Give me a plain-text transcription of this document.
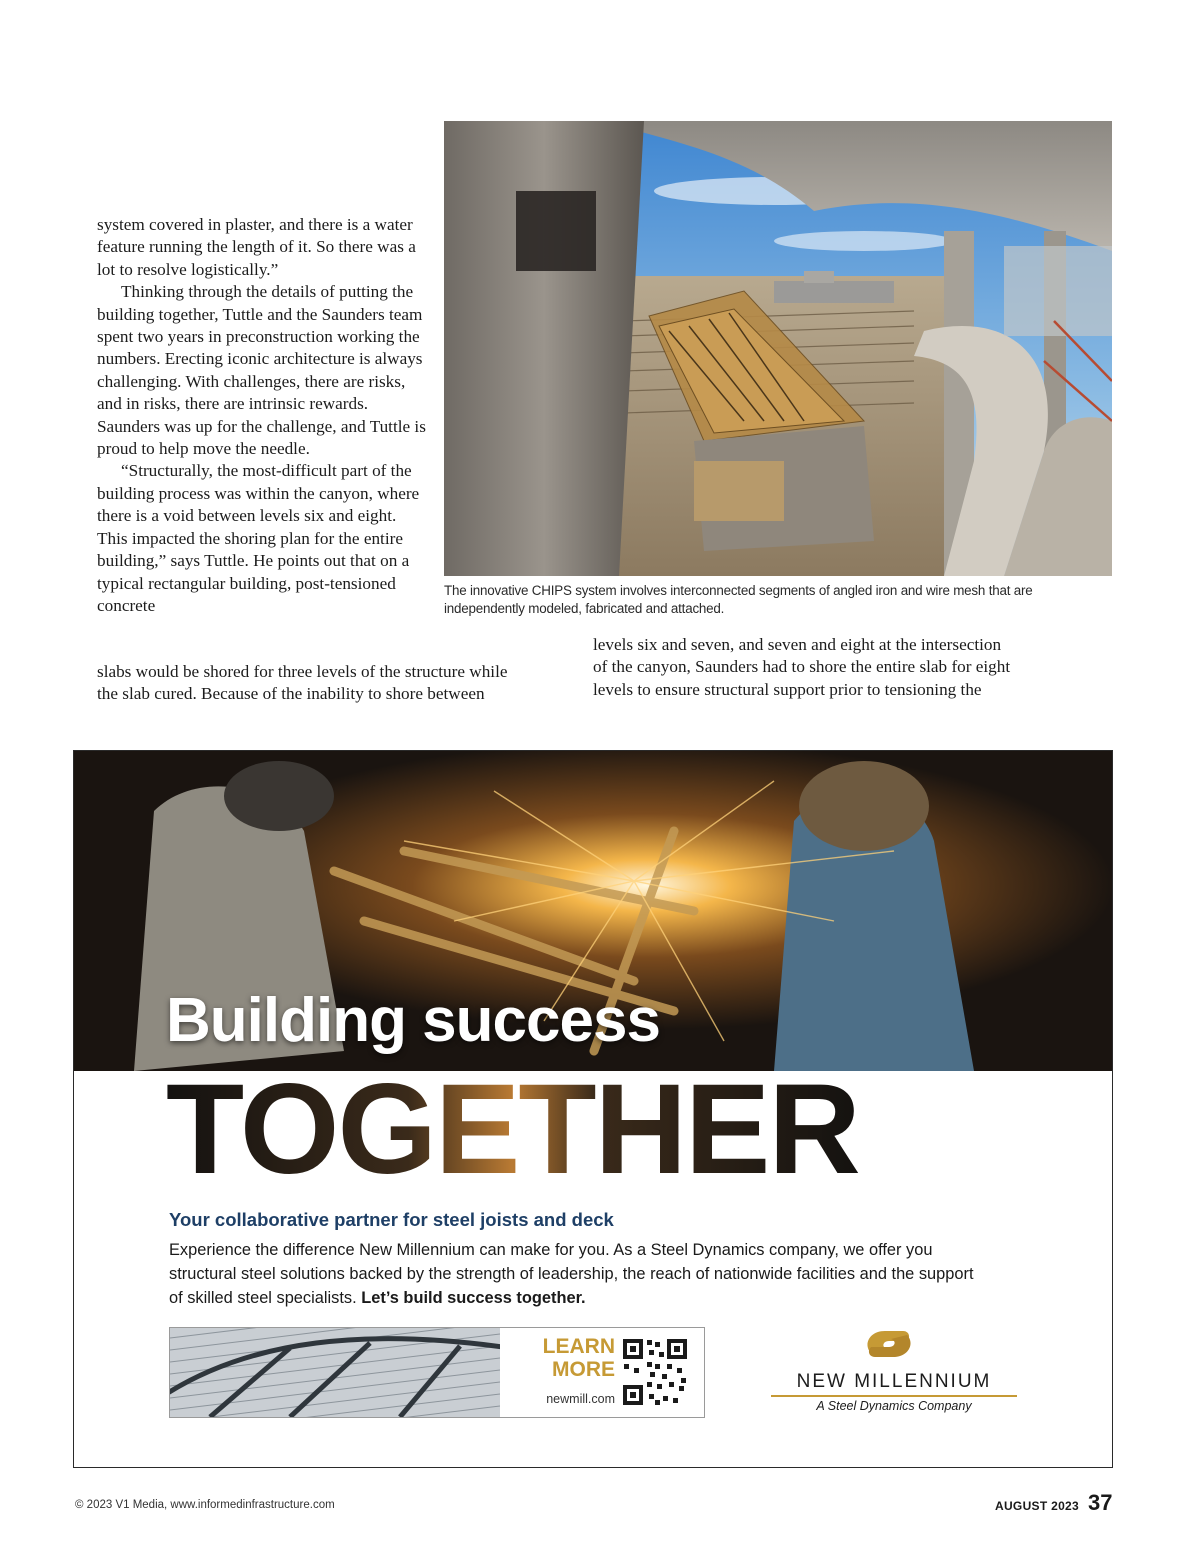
system covered in plaster, and there is a water feature running the length of it. So there was a lot to resolve logistically.”

Thinking through the details of putting the building together, Tuttle and the Saunders team spent two years in preconstruction working the numbers. Erecting iconic architecture is always challenging. With challenges, there are risks, and in risks, there are intrinsic rewards. Saunders was up for the challenge, and Tuttle is proud to help move the needle.

“Structurally, the most-difficult part of the building process was within the canyon, where there is a void between levels six and eight. This impacted the shoring plan for the entire building,” says Tuttle. He points out that on a typical rectangular building, post-tensioned concrete

slabs would be shored for three levels of the structure while
the slab cured. Because of the inability to shore between
levels six and seven, and seven and eight at the intersection
of the canyon, Saunders had to shore the entire slab for eight
levels to ensure structural support prior to tensioning the
The innovative CHIPS system involves interconnected segments of angled iron and wire mesh that are
independently modeled, fabricated and attached.
Building success
TOGETHER
Your collaborative partner for steel joists and deck
Experience the difference New Millennium can make for you. As a Steel Dynamics company, we offer you structural steel solutions backed by the strength of leadership, the reach of nationwide facilities and the support of skilled steel specialists. Let’s build success together.
LEARN
MORE
newmill.com
NEW MILLENNIUM
A Steel Dynamics Company
© 2023 V1 Media, www.informedinfrastructure.com	AUGUST 2023 37
